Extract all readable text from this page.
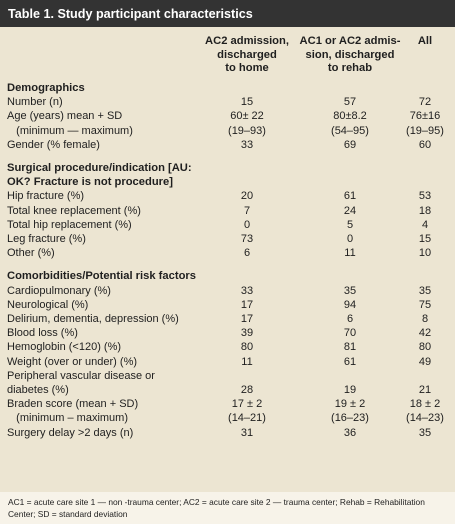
Table 1. Study participant characteristics
	AC2 admission,
discharged
to home	AC1 or AC2 admis-
sion, discharged
to rehab	All
Demographics			
Number (n)	15	57	72
Age (years) mean + SD	60± 22	80±8.2	76±16
(minimum — maximum)	(19–93)	(54–95)	(19–95)
Gender (% female)	33	69	60

Surgical procedure/indication [AU:
OK? Fracture is not procedure]			
Hip fracture (%)	20	61	53
Total knee replacement (%)	7	24	18
Total hip replacement (%)	0	5	4
Leg fracture (%)	73	0	15
Other (%)	6	11	10

Comorbidities/Potential risk factors			
Cardiopulmonary (%)	33	35	35
Neurological (%)	17	94	75
Delirium, dementia, depression (%)	17	6	8
Blood loss (%)	39	70	42
Hemoglobin (<120) (%)	80	81	80
Weight (over or under) (%)	11	61	49
Peripheral vascular disease or			
diabetes (%)	28	19	21
Braden score (mean + SD)	17 ± 2	19 ± 2	18 ± 2
(minimum – maximum)	(14–21)	(16–23)	(14–23)
Surgery delay >2 days (n)	31	36	35
AC1 = acute care site 1 — non -trauma center; AC2 = acute care site 2 — trauma center; Rehab = Rehabilitation Center; SD = standard deviation
